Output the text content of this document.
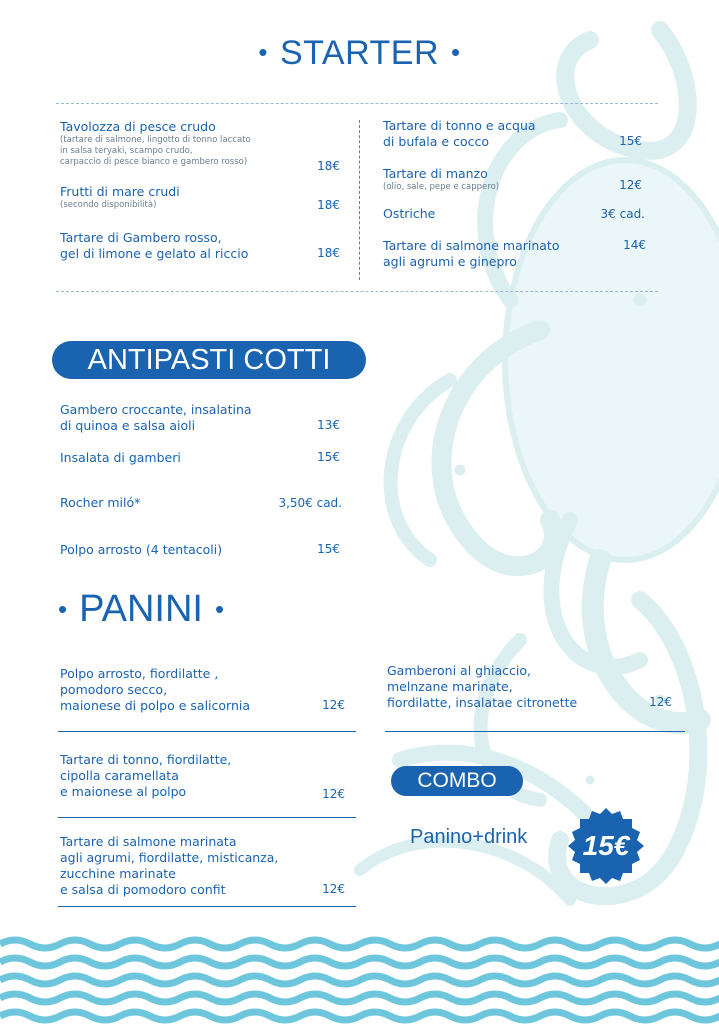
• STARTER •
Tavolozza di pesce crudo
(tartare di salmone, lingotto di tonno laccato
in salsa teryaki, scampo crudo,
carpaccio di pesce bianco e gambero rosso)	18€
Frutti di mare crudi
(secondo disponibilità)	18€
Tartare di Gambero rosso,
gel di limone e gelato al riccio	18€
Tartare di tonno e acqua
di bufala e cocco	15€
Tartare di manzo
(olio, sale, pepe e cappero)	12€
Ostriche	3€ cad.
Tartare di salmone marinato
agli agrumi e ginepro
14€
ANTIPASTI COTTI
Gambero croccante, insalatina
di quinoa e salsa aioli	13€
Insalata di gamberi	15€
Rocher miló*	3,50€ cad.
Polpo arrosto (4 tentacoli)	15€
• PANINI •
Polpo arrosto, fiordilatte ,
pomodoro secco,
maionese di polpo e salicornia	12€
Tartare di tonno, fiordilatte,
cipolla caramellata
e maionese al polpo	12€
Tartare di salmone marinata
agli agrumi, fiordilatte, misticanza,
zucchine marinate
e salsa di pomodoro confit	12€
Gamberoni al ghiaccio,
melnzane marinate,
fiordilatte, insalatae citronette	12€
COMBO
Panino+drink	15€
